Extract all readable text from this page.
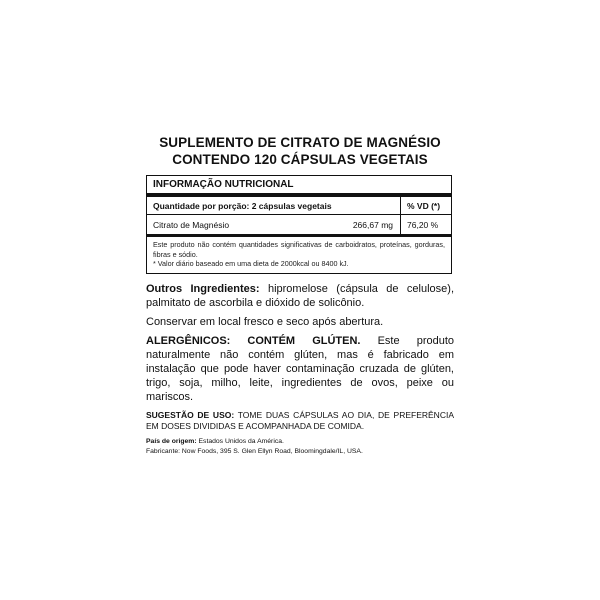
SUPLEMENTO DE CITRATO DE MAGNÉSIO
CONTENDO 120 CÁPSULAS VEGETAIS
INFORMAÇÃO NUTRICIONAL
Quantidade por porção: 2 cápsulas vegetais	% VD (*)
Citrato de Magnésio	266,67 mg	76,20 %
Este produto não contém quantidades significativas de carboidratos, proteínas, gorduras, fibras e sódio.
* Valor diário baseado em uma dieta de 2000kcal ou 8400 kJ.

Outros Ingredientes: hipromelose (cápsula de celulose), palmitato de ascorbila e dióxido de solicônio.

Conservar em local fresco e seco após abertura.

ALERGÊNICOS: CONTÉM GLÚTEN. Este produto naturalmente não contém glúten, mas é fabricado em instalação que pode haver contaminação cruzada de glúten, trigo, soja, milho, leite, ingredientes de ovos, peixe ou mariscos.

SUGESTÃO DE USO: TOME DUAS CÁPSULAS AO DIA, DE PREFERÊNCIA EM DOSES DIVIDIDAS E ACOMPANHADA DE COMIDA.
País de origem: Estados Unidos da América.
Fabricante: Now Foods, 395 S. Glen Ellyn Road, Bloomingdale/IL, USA.
